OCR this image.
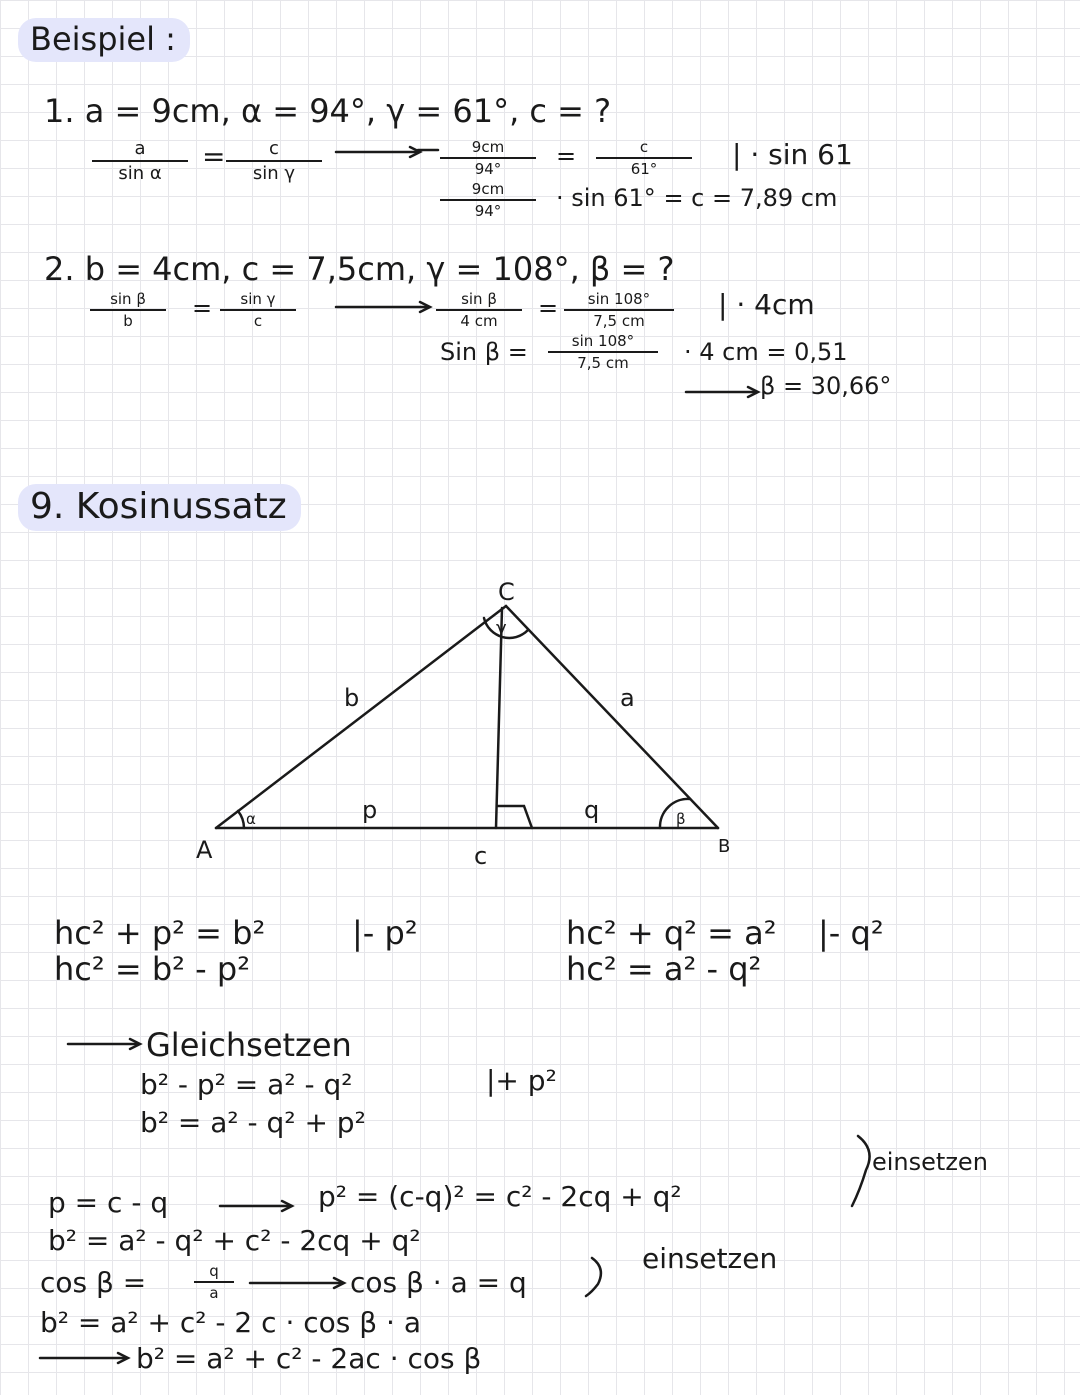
Beispiel :
1. a = 9cm, α = 94°, γ = 61°, c = ?
a
sin α
=	c
sin γ
9cm
94°	=	c
61°	| · sin 61
9cm
94°	· sin 61° = c = 7,89 cm
2. b = 4cm, c = 7,5cm, γ = 108°, β = ?
sin β
b	=	sin γ
c
sin β
4 cm	=	sin 108°
7,5 cm	| · 4cm
Sin β =	sin 108°
7,5 cm	· 4 cm = 0,51
β = 30,66°
9. Kosinussatz
C
γ
b	a
p	q
α	β
A	c	B
hc² + p² = b²	|- p²
hc² = b² - p²
hc² + q² = a² |- q²
hc² = a² - q²
Gleichsetzen
b² - p² = a² - q²	|+ p²
b² = a² - q² + p²
einsetzen
p = c - q	p² = (c-q)² = c² - 2cq + q²
b² = a² - q² + c² - 2cq + q²
cos β =	q
a	cos β · a = q
einsetzen
b² = a² + c² - 2 c · cos β · a
b² = a² + c² - 2ac · cos β
